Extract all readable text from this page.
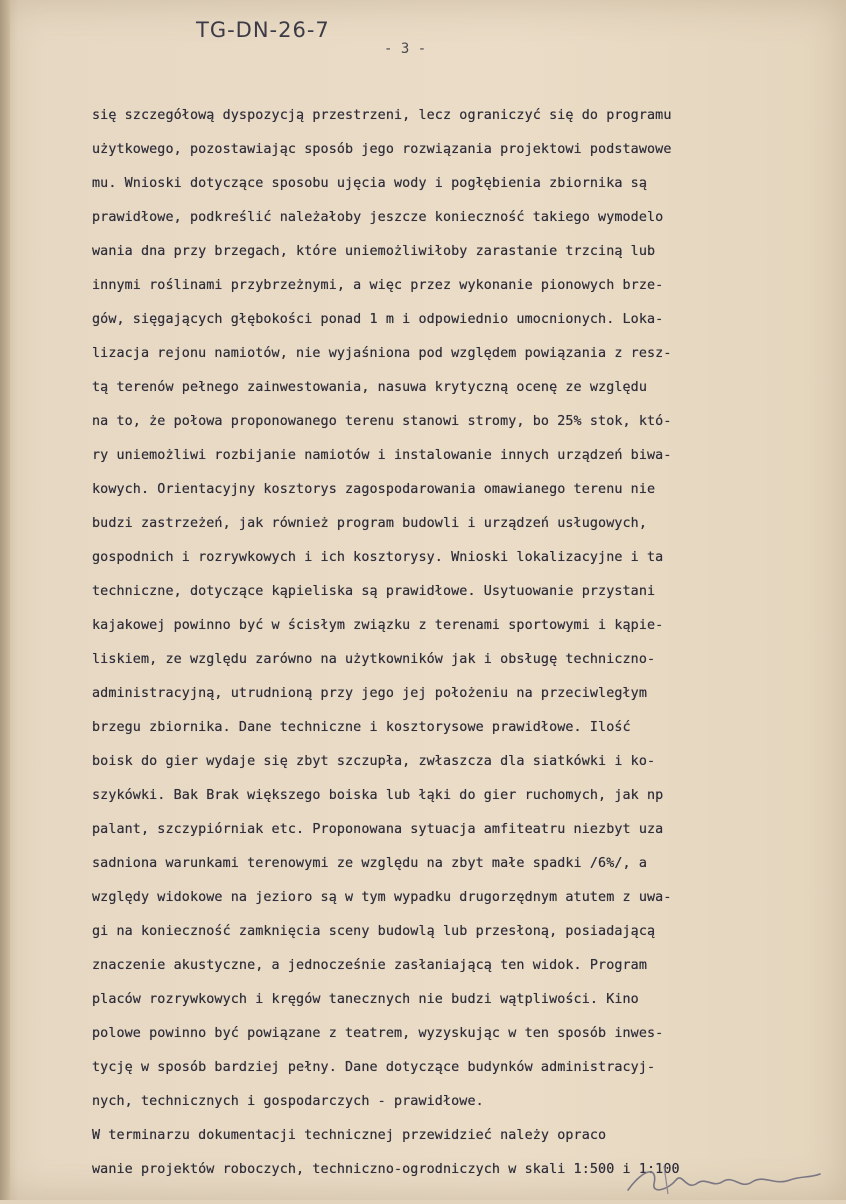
TG-DN-26-7
- 3 -
się szczegółową dyspozycją przestrzeni, lecz ograniczyć się do programu
użytkowego, pozostawiając sposób jego rozwiązania projektowi podstawowe
mu. Wnioski dotyczące sposobu ujęcia wody i pogłębienia zbiornika są
prawidłowe, podkreślić należałoby jeszcze konieczność takiego wymodelo
wania dna przy brzegach, które uniemożliwiłoby zarastanie trzciną lub
innymi roślinami przybrzeżnymi, a więc przez wykonanie pionowych brze-
gów, sięgających głębokości ponad 1 m i odpowiednio umocnionych. Loka-
lizacja rejonu namiotów, nie wyjaśniona pod względem powiązania z resz-
tą terenów pełnego zainwestowania, nasuwa krytyczną ocenę ze względu
na to, że połowa proponowanego terenu stanowi stromy, bo 25% stok, któ-
ry uniemożliwi rozbijanie namiotów i instalowanie innych urządzeń biwa-
kowych. Orientacyjny kosztorys zagospodarowania omawianego terenu nie
budzi zastrzeżeń, jak również program budowli i urządzeń usługowych,
gospodnich i rozrywkowych i ich kosztorysy. Wnioski lokalizacyjne i ta
techniczne, dotyczące kąpieliska są prawidłowe. Usytuowanie przystani
kajakowej powinno być w ścisłym związku z terenami sportowymi i kąpie-
liskiem, ze względu zarówno na użytkowników jak i obsługę techniczno-
administracyjną, utrudnioną przy jego jej położeniu na przeciwległym
brzegu zbiornika. Dane techniczne i kosztorysowe prawidłowe. Ilość
boisk do gier wydaje się zbyt szczupła, zwłaszcza dla siatkówki i ko-
szykówki. Bak Brak większego boiska lub łąki do gier ruchomych, jak np
palant, szczypiórniak etc. Proponowana sytuacja amfiteatru niezbyt uza
sadniona warunkami terenowymi ze względu na zbyt małe spadki /6%/, a
względy widokowe na jezioro są w tym wypadku drugorzędnym atutem z uwa-
gi na konieczność zamknięcia sceny budowlą lub przesłoną, posiadającą
znaczenie akustyczne, a jednocześnie zasłaniającą ten widok. Program
placów rozrywkowych i kręgów tanecznych nie budzi wątpliwości. Kino
polowe powinno być powiązane z teatrem, wyzyskując w ten sposób inwes-
tycję w sposób bardziej pełny. Dane dotyczące budynków administracyj-
nych, technicznych i gospodarczych - prawidłowe.
W terminarzu dokumentacji technicznej przewidzieć należy opraco
wanie projektów roboczych, techniczno-ogrodniczych w skali 1:500 i 1:100
